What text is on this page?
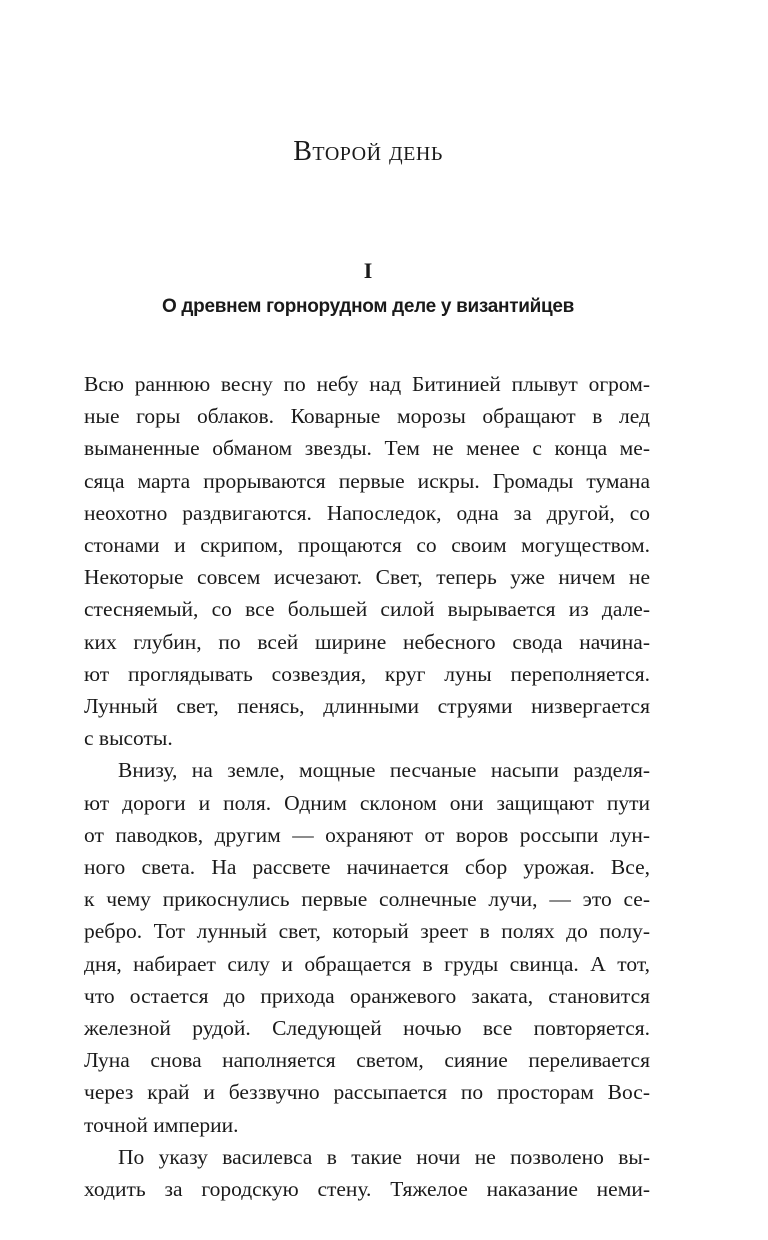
Второй день
I
О древнем горнорудном деле у византийцев
Всю раннюю весну по небу над Битинией плывут огром-
ные горы облаков. Коварные морозы обращают в лед
выманенные обманом звезды. Тем не менее с конца ме-
сяца марта прорываются первые искры. Громады тумана
неохотно раздвигаются. Напоследок, одна за другой, со
стонами и скрипом, прощаются со своим могуществом.
Некоторые совсем исчезают. Свет, теперь уже ничем не
стесняемый, со все большей силой вырывается из дале-
ких глубин, по всей ширине небесного свода начина-
ют проглядывать созвездия, круг луны переполняется.
Лунный свет, пенясь, длинными струями низвергается
с высоты.
Внизу, на земле, мощные песчаные насыпи разделя-
ют дороги и поля. Одним склоном они защищают пути
от паводков, другим — охраняют от воров россыпи лун-
ного света. На рассвете начинается сбор урожая. Все,
к чему прикоснулись первые солнечные лучи, — это се-
ребро. Тот лунный свет, который зреет в полях до полу-
дня, набирает силу и обращается в груды свинца. А тот,
что остается до прихода оранжевого заката, становится
железной рудой. Следующей ночью все повторяется.
Луна снова наполняется светом, сияние переливается
через край и беззвучно рассыпается по просторам Вос-
точной империи.
По указу василевса в такие ночи не позволено вы-
ходить за городскую стену. Тяжелое наказание неми-
